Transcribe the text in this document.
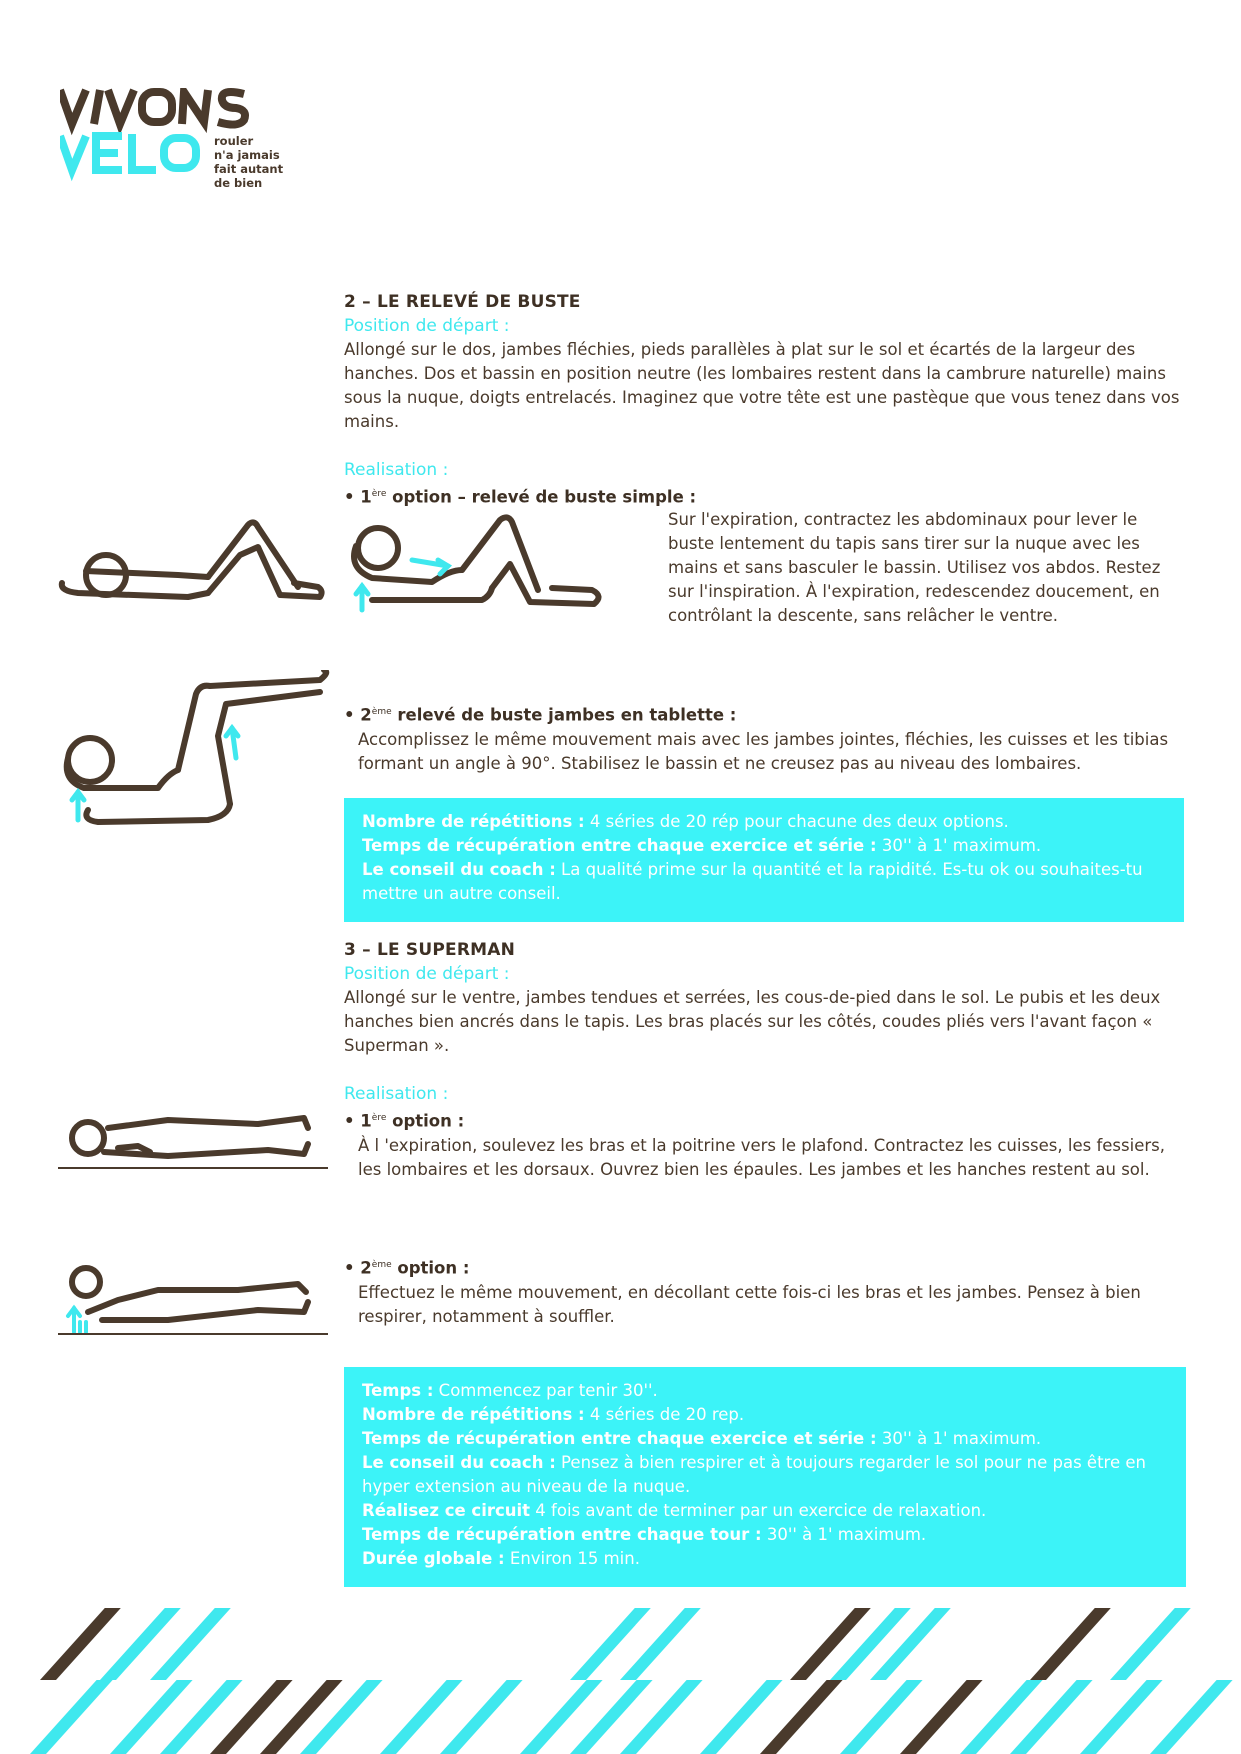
rouler
n'a jamais
fait autant
de bien

2 – LE RELEVÉ DE BUSTE

Position de départ :

Allongé sur le dos, jambes fléchies, pieds parallèles à plat sur le sol et écartés de la largeur des hanches. Dos et bassin en position neutre (les lombaires restent dans la cambrure naturelle) mains sous la nuque, doigts entrelacés. Imaginez que votre tête est une pastèque que vous tenez dans vos mains.

Realisation :

• 1ère option – relevé de buste simple :

Sur l'expiration, contractez les abdominaux pour lever le buste lentement du tapis sans tirer sur la nuque avec les mains et sans basculer le bassin. Utilisez vos abdos. Restez sur l'inspiration. À l'expiration, redescendez doucement, en contrôlant la descente, sans relâcher le ventre.

• 2ème relevé de buste jambes en tablette :

Accomplissez le même mouvement mais avec les jambes jointes, fléchies, les cuisses et les tibias formant un angle à 90°. Stabilisez le bassin et ne creusez pas au niveau des lombaires.

Nombre de répétitions : 4 séries de 20 rép pour chacune des deux options.

Temps de récupération entre chaque exercice et série : 30'' à 1' maximum.

Le conseil du coach : La qualité prime sur la quantité et la rapidité. Es-tu ok ou souhaites-tu mettre un autre conseil.

3 – LE SUPERMAN

Position de départ :

Allongé sur le ventre, jambes tendues et serrées, les cous-de-pied dans le sol. Le pubis et les deux hanches bien ancrés dans le tapis. Les bras placés sur les côtés, coudes pliés vers l'avant façon « Superman ».

Realisation :

• 1ère option :

À l 'expiration, soulevez les bras et la poitrine vers le plafond. Contractez les cuisses, les fessiers, les lombaires et les dorsaux. Ouvrez bien les épaules. Les jambes et les hanches restent au sol.

• 2ème option :

Effectuez le même mouvement, en décollant cette fois-ci les bras et les jambes. Pensez à bien respirer, notamment à souffler.

Temps : Commencez par tenir 30''.

Nombre de répétitions : 4 séries de 20 rep.

Temps de récupération entre chaque exercice et série : 30'' à 1' maximum.

Le conseil du coach : Pensez à bien respirer et à toujours regarder le sol pour ne pas être en hyper extension au niveau de la nuque.

Réalisez ce circuit 4 fois avant de terminer par un exercice de relaxation.

Temps de récupération entre chaque tour : 30'' à 1' maximum.

Durée globale : Environ 15 min.
